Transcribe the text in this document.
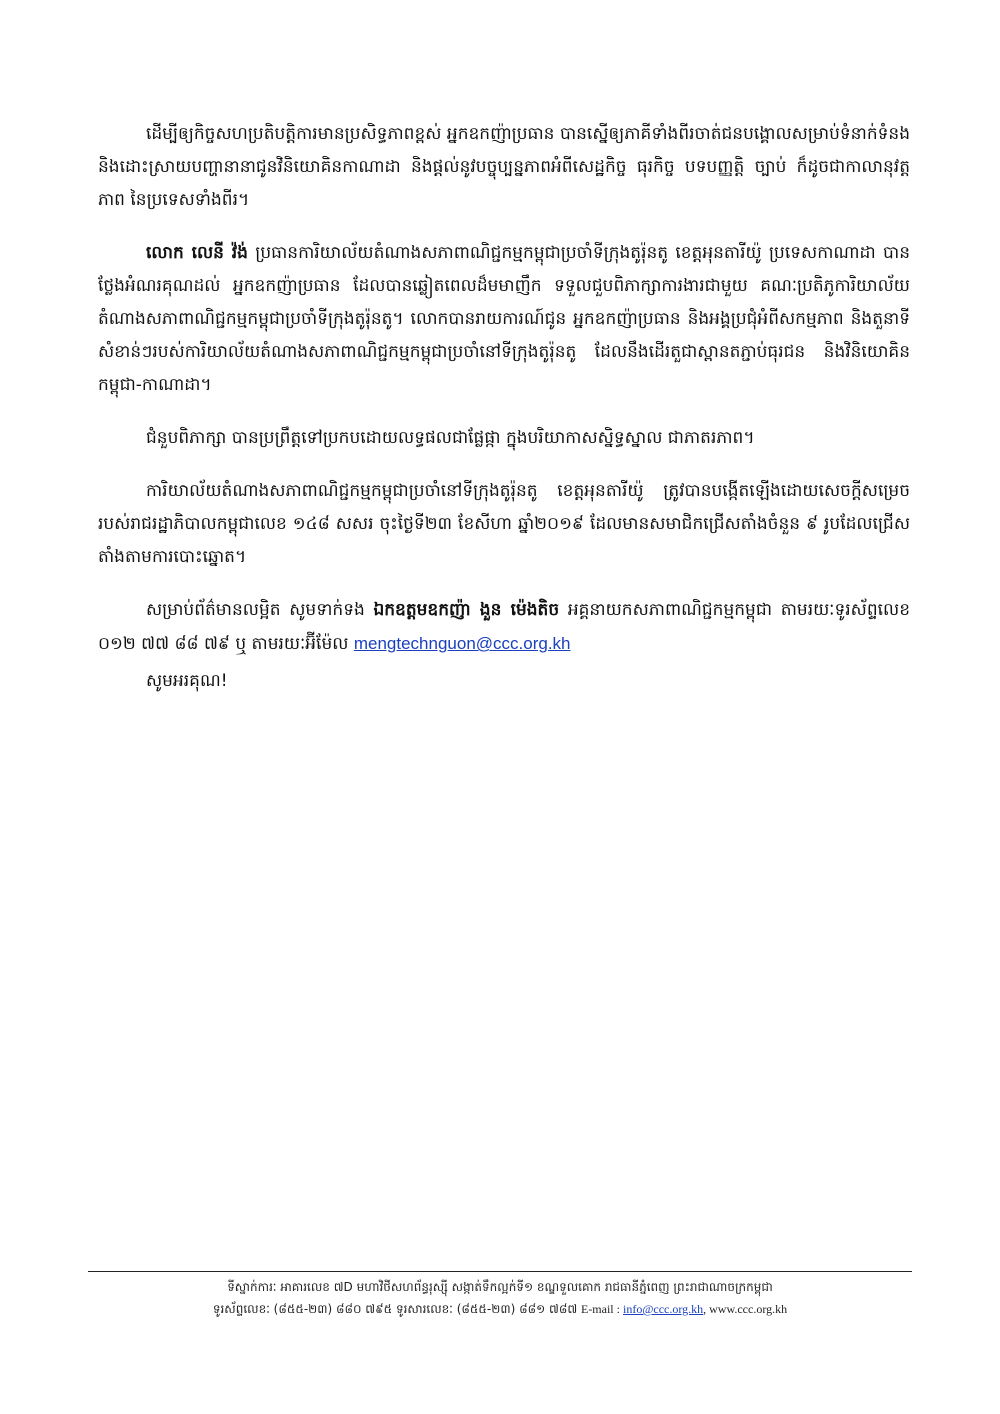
ដើម្បីឲ្យកិច្ចសហប្រតិបត្តិការមានប្រសិទ្ធភាពខ្ពស់ អ្នកឧកញ៉ាប្រធាន បានស្នើឲ្យភាគីទាំងពីរចាត់ជនបង្គោលសម្រាប់ទំនាក់ទំនងនិងដោះស្រាយបញ្ហានានាជូនវិនិយោគិនកាណាដា និងផ្តល់នូវបច្ចុប្បន្នភាពអំពីសេដ្ឋកិច្ច ធុរកិច្ច បទបញ្ញត្តិ ច្បាប់ ក៏ដូចជាកាលានុវត្តភាព នៃប្រទេសទាំងពីរ។

លោក លេនី វ៉ង់ ប្រធានការិយាល័យតំណាងសភាពាណិជ្ជកម្មកម្ពុជាប្រចាំទីក្រុងតូរ៉ុនតូ ខេត្តអុនតារីយ៉ូ ប្រទេសកាណាដា បានថ្លែងអំណរគុណដល់ អ្នកឧកញ៉ាប្រធាន ដែលបានឆ្លៀតពេលដ៏មមាញឹក ទទួលជួបពិភាក្សាការងារជាមួយ គណៈប្រតិភូការិយាល័យតំណាងសភាពាណិជ្ជកម្មកម្ពុជាប្រចាំទីក្រុងតូរ៉ុនតូ។ លោកបានរាយការណ៍ជូន អ្នកឧកញ៉ាប្រធាន និងអង្គប្រជុំអំពីសកម្មភាព និងតួនាទីសំខាន់ៗរបស់ការិយាល័យតំណាងសភាពាណិជ្ជកម្មកម្ពុជាប្រចាំនៅទីក្រុងតូរ៉ុនតូ ដែលនឹងដើរតួជាស្ពានតភ្ជាប់ធុរជន និងវិនិយោគិនកម្ពុជា-កាណាដា។

ជំនួបពិភាក្សា បានប្រព្រឹត្តទៅប្រកបដោយលទ្ធផលជាផ្លែផ្កា ក្នុងបរិយាកាសស្និទ្ធស្នាល ជាភាតរភាព។

ការិយាល័យតំណាងសភាពាណិជ្ជកម្មកម្ពុជាប្រចាំនៅទីក្រុងតូរ៉ុនតូ ខេត្តអុនតារីយ៉ូ ត្រូវបានបង្កើតឡើងដោយសេចក្តីសម្រេចរបស់រាជរដ្ឋាភិបាលកម្ពុជាលេខ ១៤៨ សសរ ចុះថ្ងៃទី២៣ ខែសីហា ឆ្នាំ២០១៩ ដែលមានសមាជិកជ្រើសតាំងចំនួន ៩ រូបដែលជ្រើសតាំងតាមការបោះឆ្នោត។

សម្រាប់ព័ត៌មានលម្អិត សូមទាក់ទង ឯកឧត្តមឧកញ៉ា ងួន ម៉េងតិច អគ្គនាយកសភាពាណិជ្ជកម្មកម្ពុជា តាមរយៈទូរស័ព្ទលេខ ០១២ ៧៧ ៨៨ ៧៩ ឬ តាមរយៈអ៊ីម៉ែល mengtechnguon@ccc.org.kh

សូមអរគុណ!

ទីស្នាក់ការៈ អាគារលេខ ៧D មហាវិថីសហព័ន្ធរុស្ស៊ី សង្កាត់ទឹកល្អក់ទី១ ខណ្ឌទួលគោក រាជធានីភ្នំពេញ ព្រះរាជាណាចក្រកម្ពុជា
ទូរស័ព្ទលេខៈ (៨៥៥-២៣) ៨៨០ ៧៩៥ ទូរសារលេខៈ (៨៥៥-២៣) ៨៨១ ៧៨៧ E-mail : info@ccc.org.kh, www.ccc.org.kh
